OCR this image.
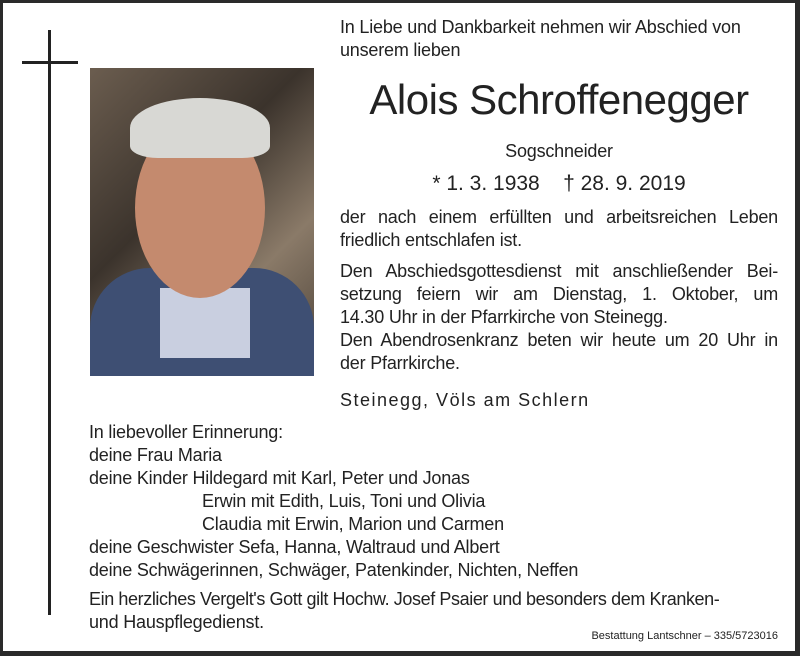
In Liebe und Dankbarkeit nehmen wir Abschied von
unserem lieben
Alois Schroffenegger
Sogschneider
* 1. 3. 1938 † 28. 9. 2019
der nach einem erfüllten und arbeitsreichen Leben
friedlich entschlafen ist.
Den Abschiedsgottesdienst mit anschließender Bei-
setzung feiern wir am Dienstag, 1. Oktober, um
14.30 Uhr in der Pfarrkirche von Steinegg.
Den Abendrosenkranz beten wir heute um 20 Uhr in
der Pfarrkirche.
Steinegg, Völs am Schlern
In liebevoller Erinnerung:
deine Frau Maria
deine Kinder Hildegard mit Karl, Peter und Jonas
Erwin mit Edith, Luis, Toni und Olivia
Claudia mit Erwin, Marion und Carmen
deine Geschwister Sefa, Hanna, Waltraud und Albert
deine Schwägerinnen, Schwäger, Patenkinder, Nichten, Neffen
Ein herzliches Vergelt's Gott gilt Hochw. Josef Psaier und besonders dem Kranken-
und Hauspflegedienst.
Bestattung Lantschner – 335/5723016
